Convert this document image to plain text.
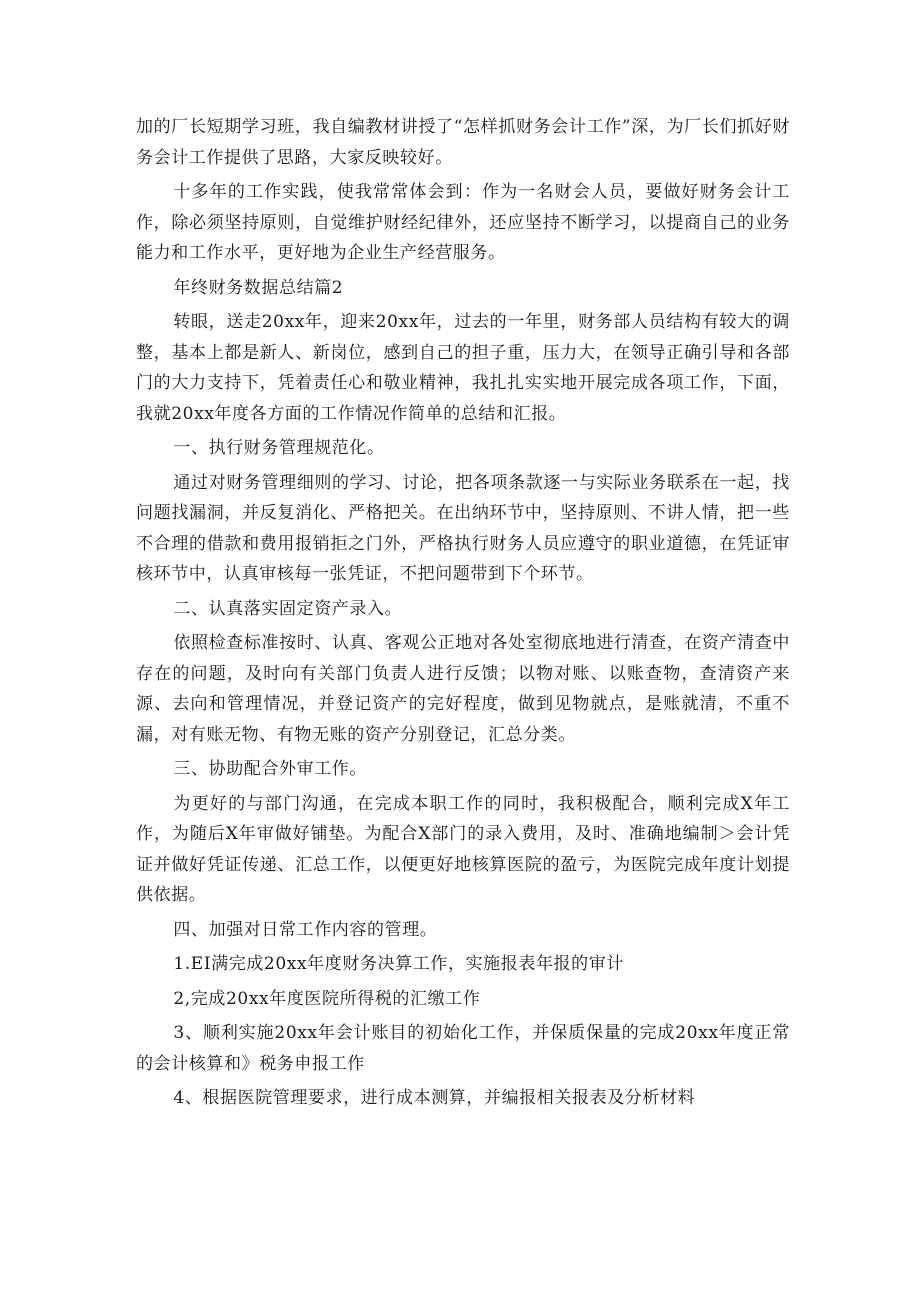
加的厂长短期学习班，我自编教材讲授了“怎样抓财务会计工作”深，为厂长们抓好财务会计工作提供了思路，大家反映较好。

十多年的工作实践，使我常常体会到：作为一名财会人员，要做好财务会计工作，除必须坚持原则，自觉维护财经纪律外，还应坚持不断学习，以提商自己的业务能力和工作水平，更好地为企业生产经营服务。

年终财务数据总结篇2

转眼，送走20xx年，迎来20xx年，过去的一年里，财务部人员结构有较大的调整，基本上都是新人、新岗位，感到自己的担子重，压力大，在领导正确引导和各部门的大力支持下，凭着责任心和敬业精神，我扎扎实实地开展完成各项工作，下面，我就20xx年度各方面的工作情况作简单的总结和汇报。

一、执行财务管理规范化。

通过对财务管理细则的学习、讨论，把各项条款逐一与实际业务联系在一起，找问题找漏洞，并反复消化、严格把关。在出纳环节中，坚持原则、不讲人情，把一些不合理的借款和费用报销拒之门外，严格执行财务人员应遵守的职业道德，在凭证审核环节中，认真审核每一张凭证，不把问题带到下个环节。

二、认真落实固定资产录入。

依照检查标准按时、认真、客观公正地对各处室彻底地进行清查，在资产清查中存在的问题，及时向有关部门负责人进行反馈；以物对账、以账查物，查清资产来源、去向和管理情况，并登记资产的完好程度，做到见物就点，是账就清，不重不漏，对有账无物、有物无账的资产分别登记，汇总分类。

三、协助配合外审工作。

为更好的与部门沟通，在完成本职工作的同时，我积极配合，顺利完成X年工作，为随后X年审做好铺垫。为配合X部门的录入费用，及时、准确地编制＞会计凭证并做好凭证传递、汇总工作，以便更好地核算医院的盈亏，为医院完成年度计划提供依据。

四、加强对日常工作内容的管理。

1.EI满完成20xx年度财务决算工作，实施报表年报的审计

2,完成20xx年度医院所得税的汇缴工作

3、顺利实施20xx年会计账目的初始化工作，并保质保量的完成20xx年度正常的会计核算和》税务申报工作

4、根据医院管理要求，进行成本测算，并编报相关报表及分析材料
